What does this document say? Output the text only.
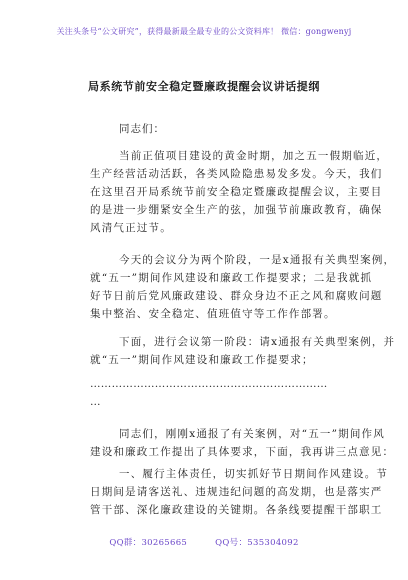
关注头条号“公文研究”，获得最新最全最专业的公文资料库！ 微信：gongwenyj
局系统节前安全稳定暨廉政提醒会议讲话提纲
同志们：
当前正值项目建设的黄金时期，加之五一假期临近，
生产经营活动活跃，各类风险隐患易发多发。今天，我们
在这里召开局系统节前安全稳定暨廉政提醒会议，主要目
的是进一步绷紧安全生产的弦，加强节前廉政教育，确保
风清气正过节。
今天的会议分为两个阶段，一是x通报有关典型案例，
就“五一”期间作风建设和廉政工作提要求；二是我就抓
好节日前后党风廉政建设、群众身边不正之风和腐败问题
集中整治、安全稳定、值班值守等工作作部署。
下面，进行会议第一阶段：请x通报有关典型案例，并
就“五一”期间作风建设和廉政工作提要求；
…………………………………………………………
…
同志们，刚刚x通报了有关案例，对“五一”期间作风
建设和廉政工作提出了具体要求，下面，我再讲三点意见：
一、履行主体责任，切实抓好节日期间作风建设。节
日期间是请客送礼、违规违纪问题的高发期，也是落实严
管干部、深化廉政建设的关键期。各条线要提醒干部职工
QQ群：30265665	QQ号：535304092
